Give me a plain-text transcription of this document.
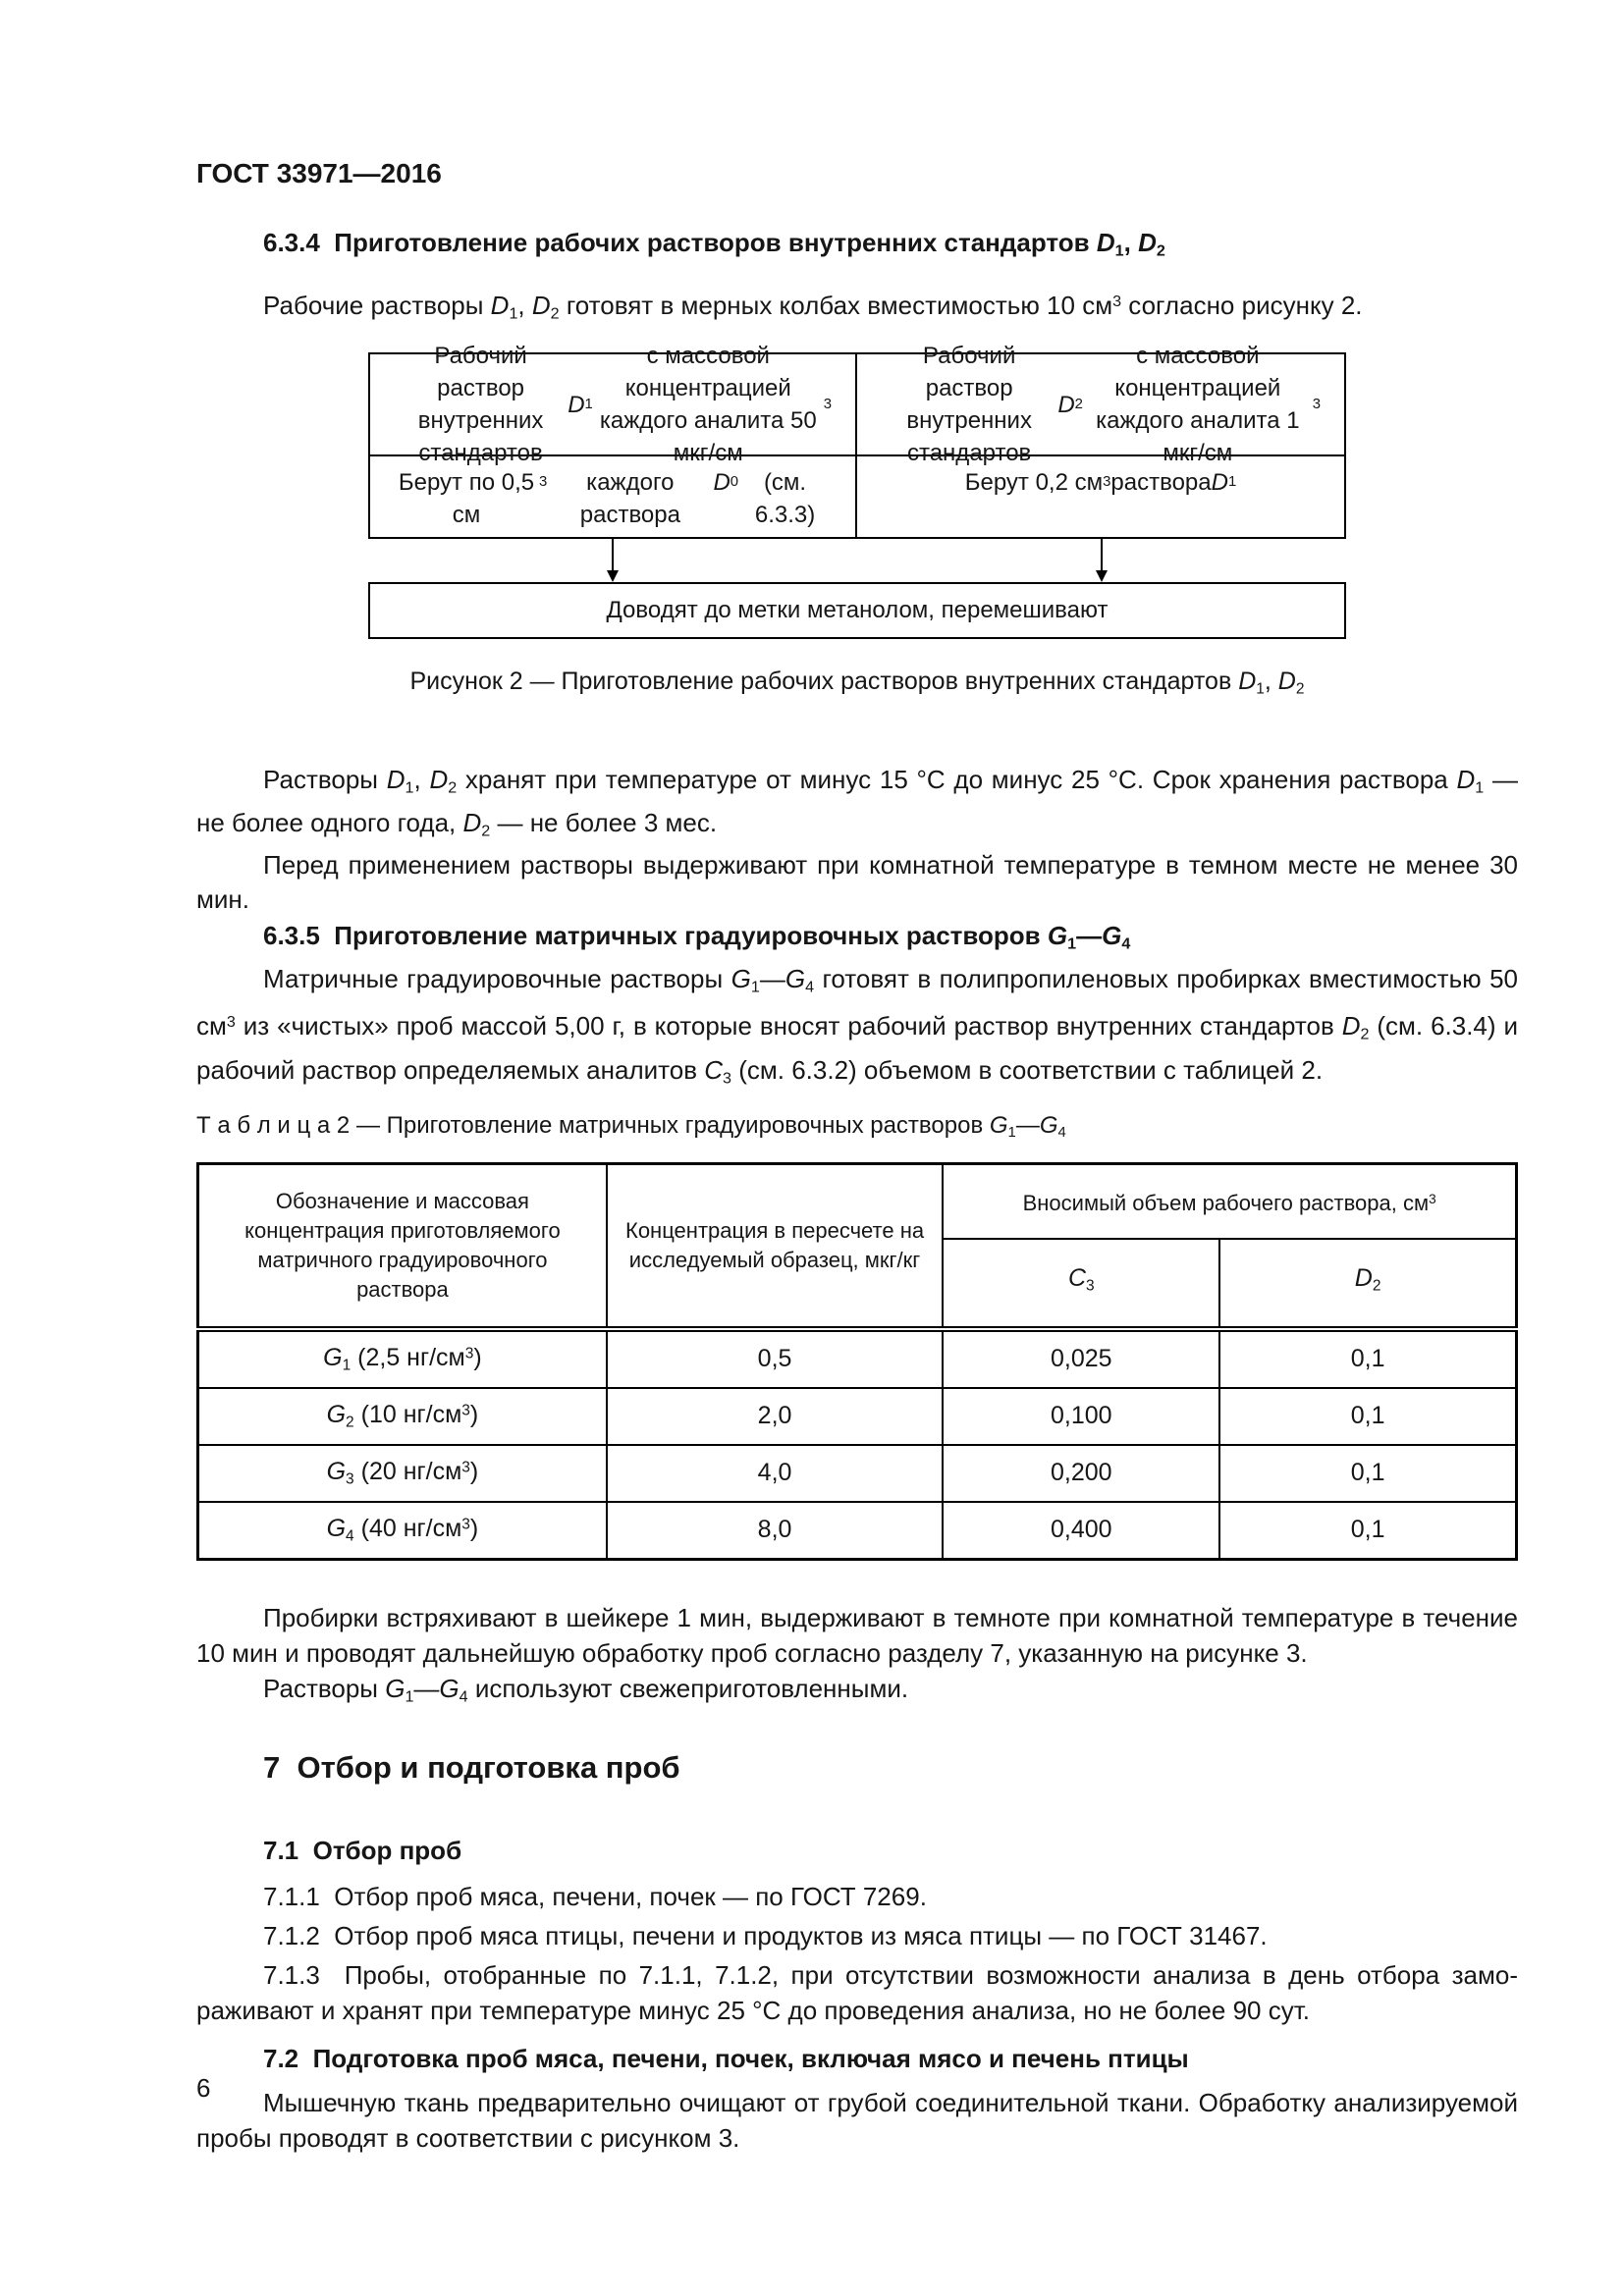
ГОСТ 33971—2016
6.3.4  Приготовление рабочих растворов внутренних стандартов D1, D2

Рабочие растворы D1, D2 готовят в мерных колбах вместимостью 10 $см^3$ согласно рисунку 2.

Рабочий раствор внутренних стандартов
D 1
с массовой концентрацией каждого аналита 50 мкг/см
3
Рабочий раствор внутренних стандартов
D 2
с массовой концентрацией каждого аналита 1 мкг/см
3
Берут по 0,5 см
3	каждого раствора
D 0	(см. 6.3.3)
Берут 0,2 см 3 раствора D 1
Доводят до метки метанолом, перемешивают
Рисунок 2 — Приготовление рабочих растворов внутренних стандартов D1, D2

Растворы D1, D2 хранят при температуре от минус 15 °С до минус 25 °С. Срок хранения раствора D1 — не более одного года, D2 — не более 3 мес.

Перед применением растворы выдерживают при комнатной температуре в темном месте не менее 30 мин.

6.3.5  Приготовление матричных градуировочных растворов G1—G4

Матричные градуировочные растворы G1—G4 готовят в полипропиленовых пробирках вместимостью 50 $см^3$ из «чистых» проб массой 5,00 г, в которые вносят рабочий раствор внутренних стандартов D2 (см. 6.3.4) и рабочий раствор определяемых аналитов C3 (см. 6.3.2) объемом в соответствии с таблицей 2.

Т а б л и ц а 2 — Приготовление матричных градуировочных растворов G1—G4
Обозначение и массовая концентрация приготовляемого матричного градуировочного раствора	Концентрация в пересчете на исследуемый образец, мкг/кг	Вносимый объем рабочего раствора, $см^3$
		C3	D2
G1 (2,5 $нг/см^3$)	0,5	0,025	0,1
G2 (10 $нг/см^3$)	2,0	0,100	0,1
G3 (20 $нг/см^3$)	4,0	0,200	0,1
G4 (40 $нг/см^3$)	8,0	0,400	0,1

Пробирки встряхивают в шейкере 1 мин, выдерживают в темноте при комнатной температуре в течение 10 мин и проводят дальнейшую обработку проб согласно разделу 7, указанную на рисунке 3.

Растворы G1—G4 используют свежеприготовленными.

7  Отбор и подготовка проб
7.1  Отбор проб

7.1.1  Отбор проб мяса, печени, почек — по ГОСТ 7269.

7.1.2  Отбор проб мяса птицы, печени и продуктов из мяса птицы — по ГОСТ 31467.

7.1.3  Пробы, отобранные по 7.1.1, 7.1.2, при отсутствии возможности анализа в день отбора замораживают и хранят при температуре минус 25 °С до проведения анализа, но не более 90 сут.

7.2  Подготовка проб мяса, печени, почек, включая мясо и печень птицы

Мышечную ткань предварительно очищают от грубой соединительной ткани. Обработку анализируемой пробы проводят в соответствии с рисунком 3.

6
